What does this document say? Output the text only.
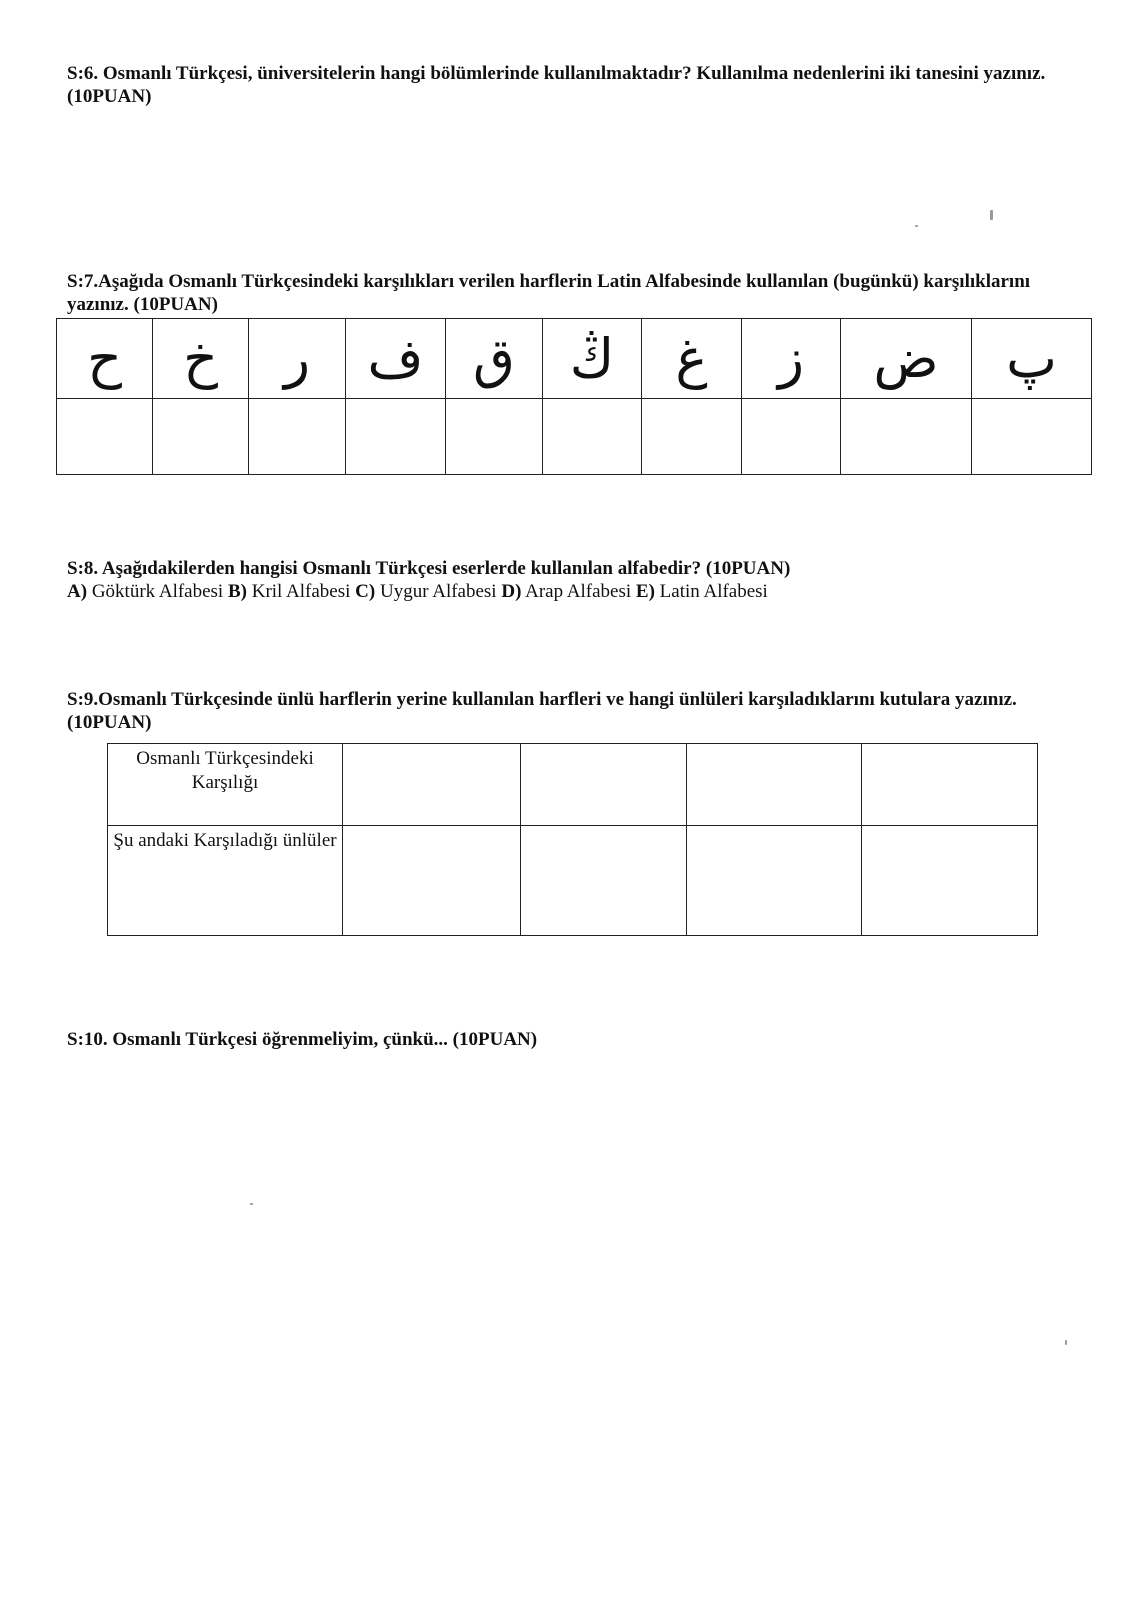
S:6. Osmanlı Türkçesi, üniversitelerin hangi bölümlerinde kullanılmaktadır? Kullanılma nedenlerini iki tanesini yazınız. (10PUAN)

S:7.Aşağıda Osmanlı Türkçesindeki karşılıkları verilen harflerin Latin Alfabesinde kullanılan (bugünkü) karşılıklarını yazınız. (10PUAN)

ح	خ	ر	ف	ق	ڭ	غ	ز	ض	پ

S:8. Aşağıdakilerden hangisi Osmanlı Türkçesi eserlerde kullanılan alfabedir? (10PUAN)
A) Göktürk Alfabesi B) Kril Alfabesi C) Uygur Alfabesi D) Arap Alfabesi E) Latin Alfabesi

S:9.Osmanlı Türkçesinde ünlü harflerin yerine kullanılan harfleri ve hangi ünlüleri karşıladıklarını kutulara yazınız. (10PUAN)

Osmanlı Türkçesindeki Karşılığı				
Şu andaki Karşıladığı ünlüler				

S:10. Osmanlı Türkçesi öğrenmeliyim, çünkü... (10PUAN)
